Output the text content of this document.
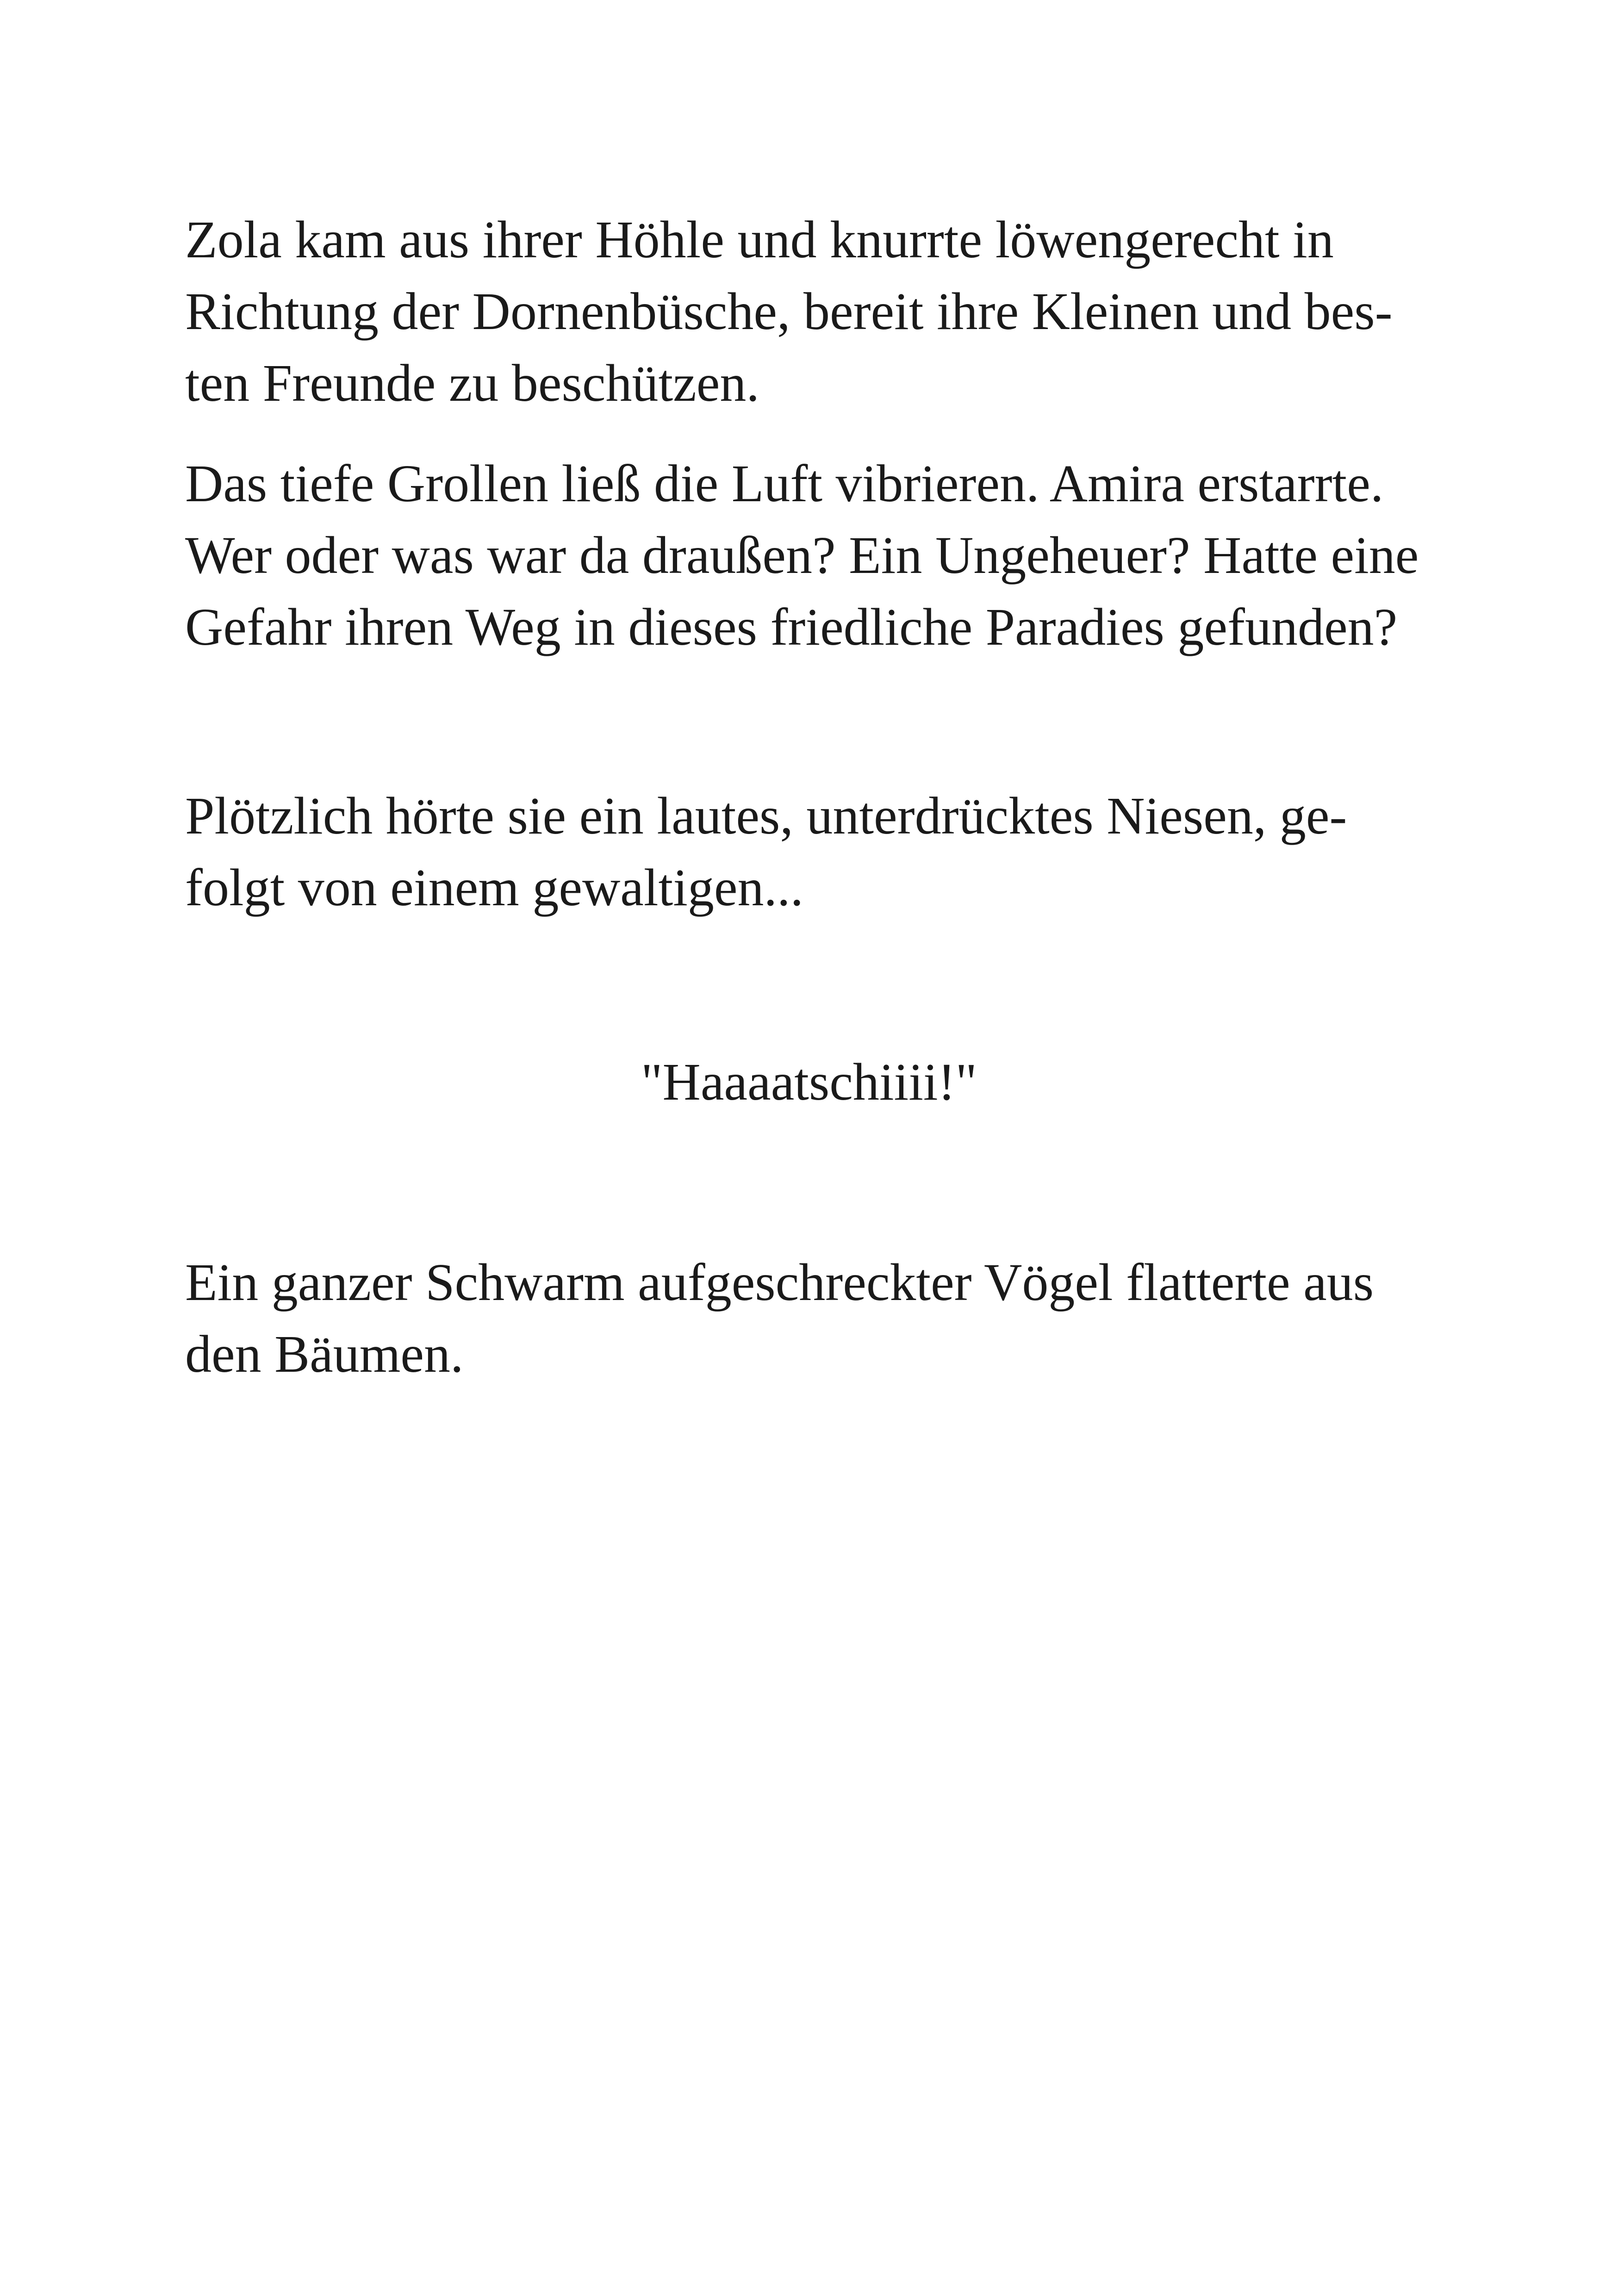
Zola kam aus ihrer Höhle und knurrte löwengerecht in
Richtung der Dornenbüsche, bereit ihre Kleinen und bes-
ten Freunde zu beschützen.

Das tiefe Grollen ließ die Luft vibrieren. Amira erstarrte.
Wer oder was war da draußen? Ein Ungeheuer? Hatte eine
Gefahr ihren Weg in dieses friedliche Paradies gefunden?

Plötzlich hörte sie ein lautes, unterdrücktes Niesen, ge-
folgt von einem gewaltigen...

"Haaaatschiiii!"

Ein ganzer Schwarm aufgeschreckter Vögel flatterte aus
den Bäumen.
